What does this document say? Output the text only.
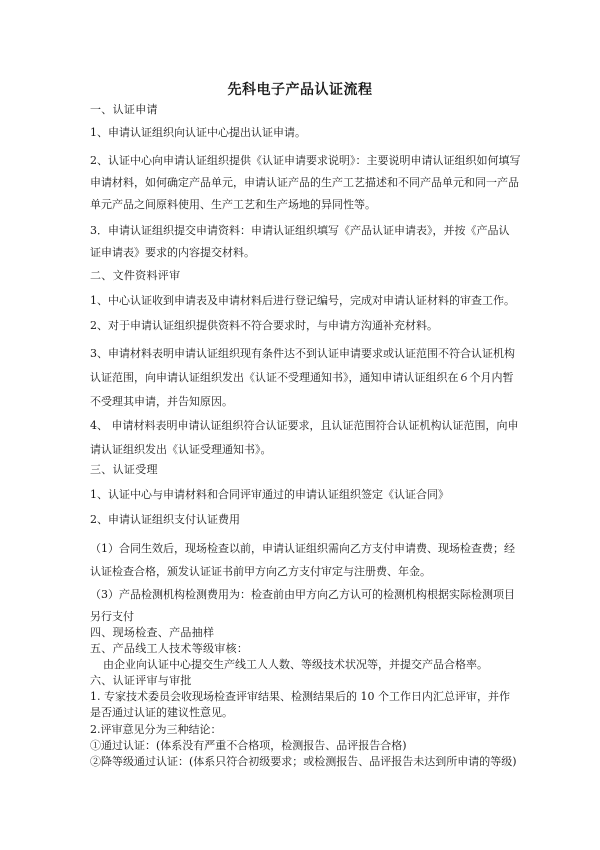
先科电子产品认证流程
一、认证申请
1、申请认证组织向认证中心提出认证申请。
2、认证中心向申请认证组织提供《认证申请要求说明》：主要说明申请认证组织如何填写申请材料，如何确定产品单元，申请认证产品的生产工艺描述和不同产品单元和同一产品单元产品之间原料使用、生产工艺和生产场地的异同性等。
3．申请认证组织提交申请资料：申请认证组织填写《产品认证申请表》，并按《产品认证申请表》要求的内容提交材料。
二、文件资料评审
1、中心认证收到申请表及申请材料后进行登记编号，完成对申请认证材料的审查工作。
2、对于申请认证组织提供资料不符合要求时，与申请方沟通补充材料。
3、申请材料表明申请认证组织现有条件达不到认证申请要求或认证范围不符合认证机构认证范围，向申请认证组织发出《认证不受理通知书》，通知申请认证组织在６个月内暂不受理其申请，并告知原因。
4、 申请材料表明申请认证组织符合认证要求，且认证范围符合认证机构认证范围，向申请认证组织发出《认证受理通知书》。
三、认证受理
1、认证中心与申请材料和合同评审通过的申请认证组织签定《认证合同》
2、申请认证组织支付认证费用
（1）合同生效后，现场检查以前，申请认证组织需向乙方支付申请费、现场检查费；经认证检查合格，颁发认证证书前甲方向乙方支付审定与注册费、年金。
（3）产品检测机构检测费用为：检查前由甲方向乙方认可的检测机构根据实际检测项目另行支付
四、现场检查、产品抽样
五、产品线工人技术等级审核：
由企业向认证中心提交生产线工人人数、等级技术状况等，并提交产品合格率。
六、认证评审与审批
1. 专家技术委员会收现场检查评审结果、检测结果后的 10 个工作日内汇总评审，并作是否通过认证的建议性意见。
2.评审意见分为三种结论：
①通过认证：(体系没有严重不合格项，检测报告、品评报告合格)
②降等级通过认证：(体系只符合初级要求；或检测报告、品评报告未达到所申请的等级)
